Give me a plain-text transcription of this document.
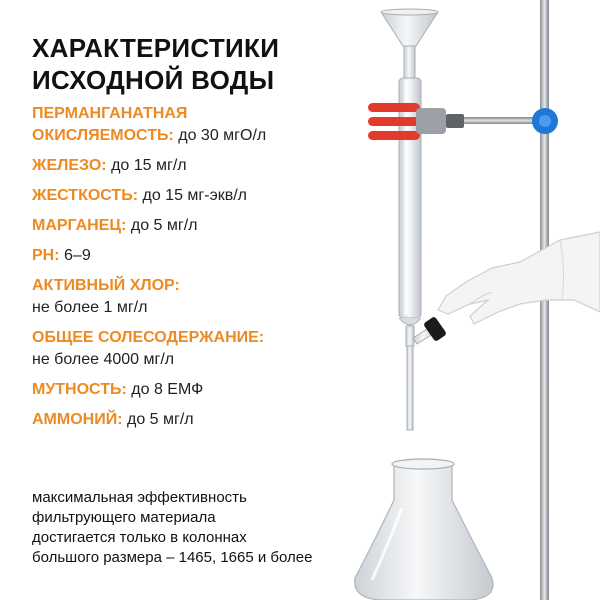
ХАРАКТЕРИСТИКИ
ИСХОДНОЙ ВОДЫ
ПЕРМАНГАНАТНАЯ
ОКИСЛЯЕМОСТЬ: до 30 мгО/л
ЖЕЛЕЗО: до 15 мг/л
ЖЕСТКОСТЬ: до 15 мг-экв/л
МАРГАНЕЦ: до 5 мг/л
PH: 6–9
АКТИВНЫЙ ХЛОР:
не более 1 мг/л
ОБЩЕЕ СОЛЕСОДЕРЖАНИЕ:
не более 4000 мг/л
МУТНОСТЬ: до 8 ЕМФ
АММОНИЙ: до 5 мг/л

максимальная эффективность
фильтрующего материала
достигается только в колоннах
большого размера – 1465, 1665 и более
